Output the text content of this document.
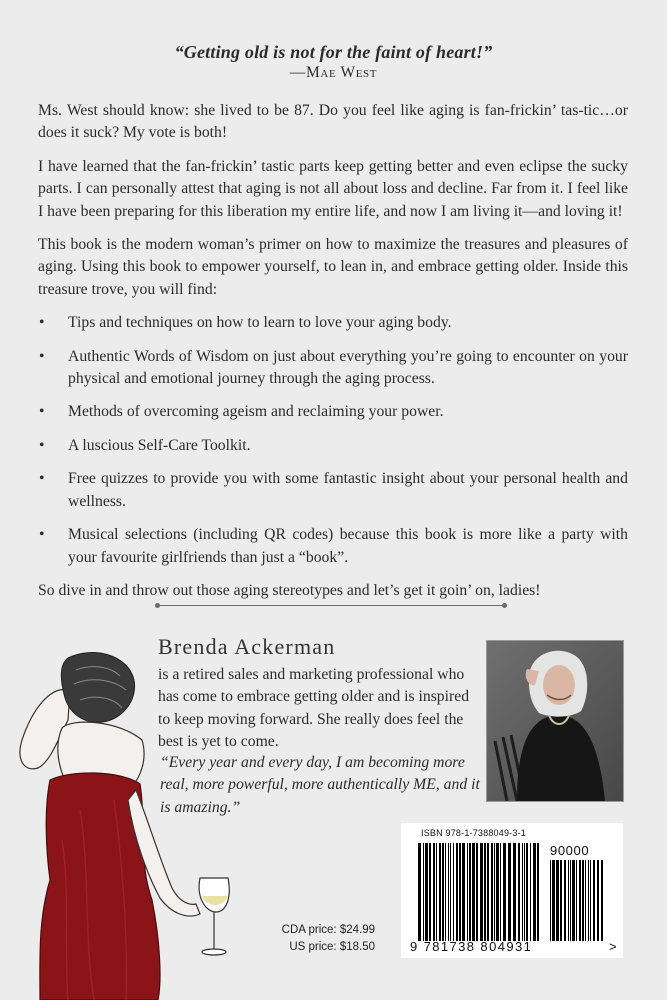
“Getting old is not for the faint of heart!”
—Mae West

Ms. West should know: she lived to be 87. Do you feel like aging is fan-frickin’ tas-tic…or does it suck? My vote is both!

I have learned that the fan-frickin’ tastic parts keep getting better and even eclipse the sucky parts. I can personally attest that aging is not all about loss and decline. Far from it. I feel like I have been preparing for this liberation my entire life, and now I am living it—and loving it!

This book is the modern woman’s primer on how to maximize the treasures and pleasures of aging. Using this book to empower yourself, to lean in, and embrace getting older. Inside this treasure trove, you will find:

• Tips and techniques on how to learn to love your aging body.
• Authentic Words of Wisdom on just about everything you’re going to encounter on your physical and emotional journey through the aging process.
• Methods of overcoming ageism and reclaiming your power.
• A luscious Self-Care Toolkit.
• Free quizzes to provide you with some fantastic insight about your personal health and wellness.
• Musical selections (including QR codes) because this book is more like a party with your favourite girlfriends than just a “book”.

So dive in and throw out those aging stereotypes and let’s get it goin’ on, ladies!

Brenda Ackerman
is a retired sales and marketing professional who has come to embrace getting older and is inspired to keep moving forward. She really does feel the best is yet to come.
“Every year and every day, I am becoming more real, more powerful, more authentically ME, and it is amazing.”
CDA price: $24.99
US price: $18.50
ISBN 978-1-7388049-3-1
90000
9 781738 804931	>
